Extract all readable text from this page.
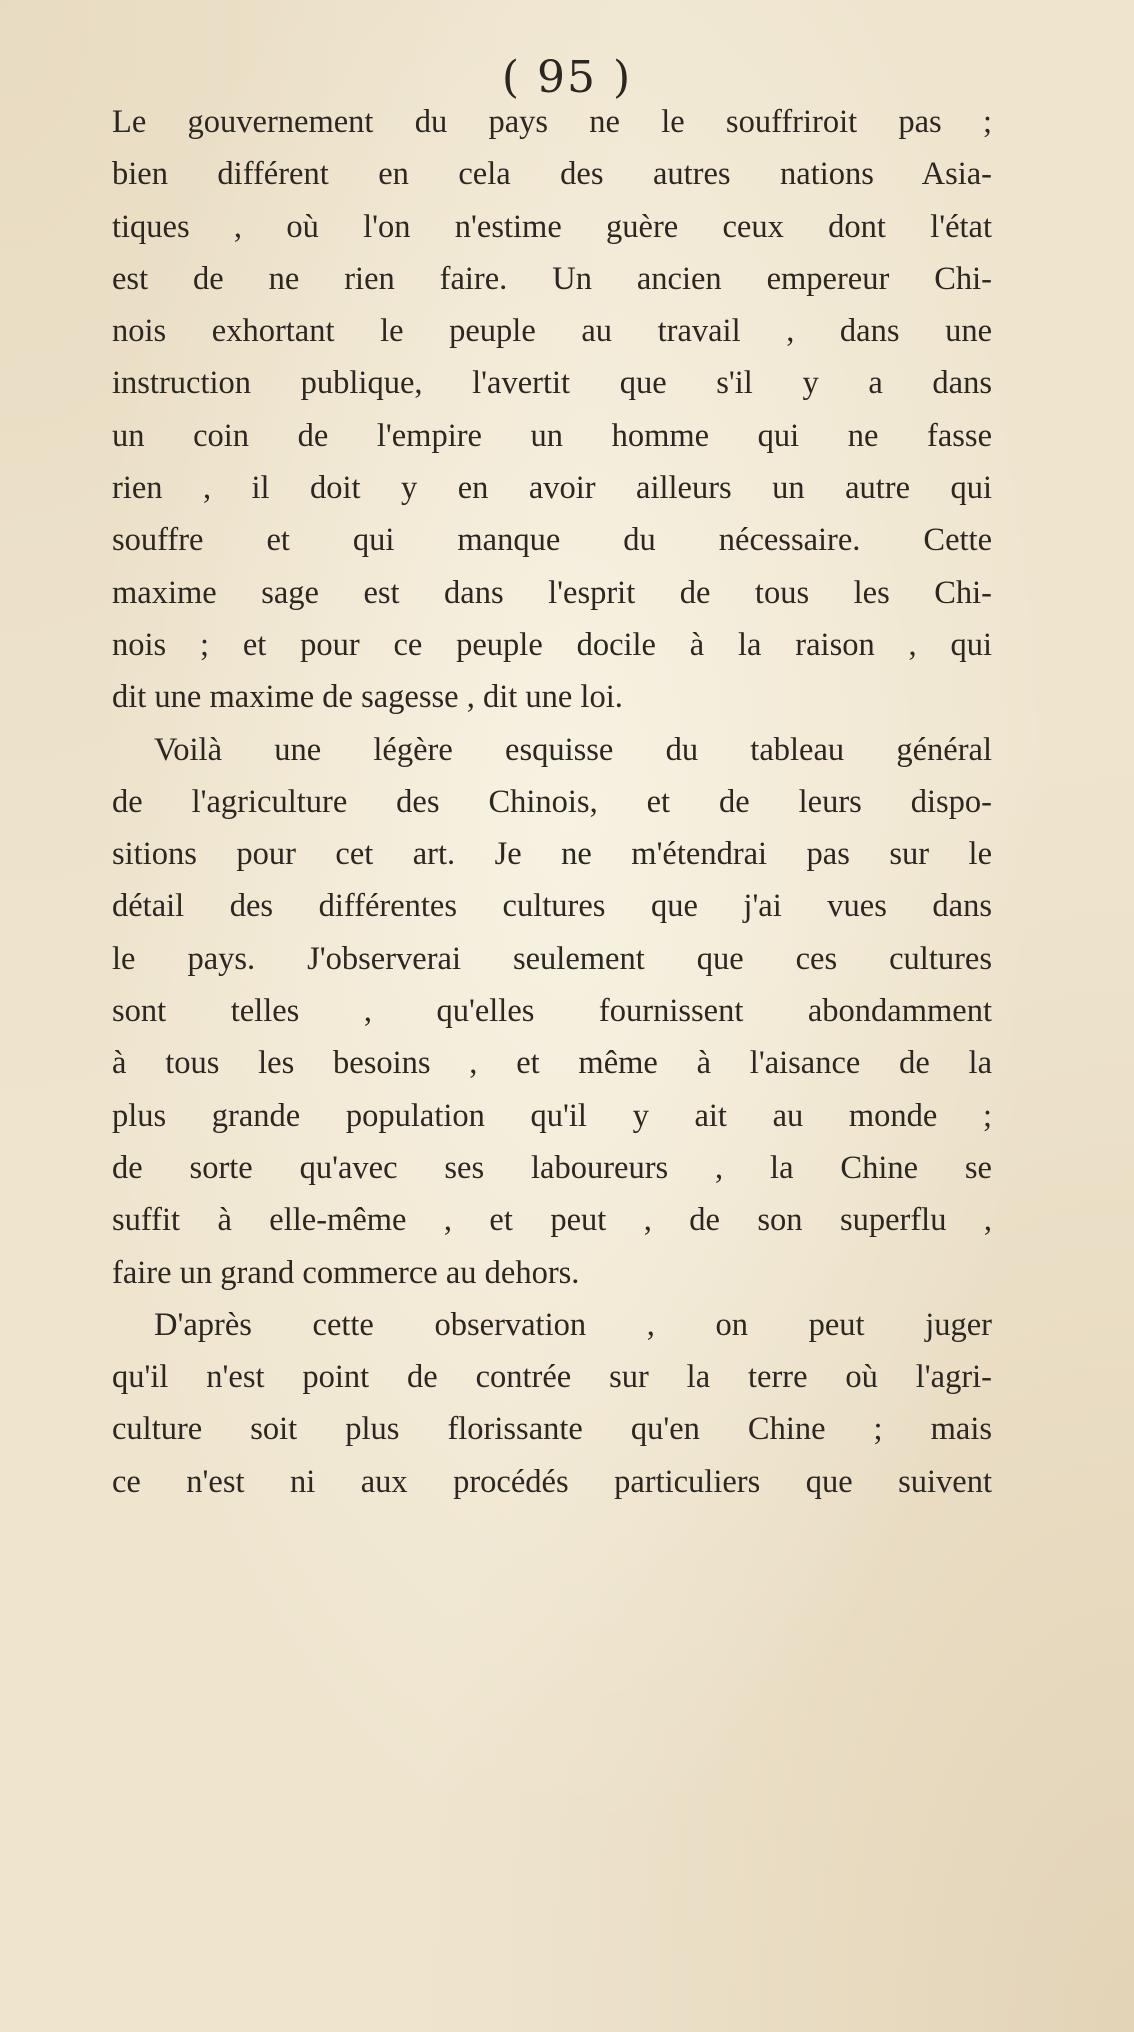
( 95 )
Le gouvernement du pays ne le souffriroit pas ;
bien différent en cela des autres nations Asia-
tiques , où l'on n'estime guère ceux dont l'état
est de ne rien faire. Un ancien empereur Chi-
nois exhortant le peuple au travail , dans une
instruction publique, l'avertit que s'il y a dans
un coin de l'empire un homme qui ne fasse
rien , il doit y en avoir ailleurs un autre qui
souffre et qui manque du nécessaire. Cette
maxime sage est dans l'esprit de tous les Chi-
nois ; et pour ce peuple docile à la raison , qui
dit une maxime de sagesse , dit une loi.
Voilà une légère esquisse du tableau général
de l'agriculture des Chinois, et de leurs dispo-
sitions pour cet art. Je ne m'étendrai pas sur le
détail des différentes cultures que j'ai vues dans
le pays. J'observerai seulement que ces cultures
sont telles , qu'elles fournissent abondamment
à tous les besoins , et même à l'aisance de la
plus grande population qu'il y ait au monde ;
de sorte qu'avec ses laboureurs , la Chine se
suffit à elle-même , et peut , de son superflu ,
faire un grand commerce au dehors.
D'après cette observation , on peut juger
qu'il n'est point de contrée sur la terre où l'agri-
culture soit plus florissante qu'en Chine ; mais
ce n'est ni aux procédés particuliers que suivent
